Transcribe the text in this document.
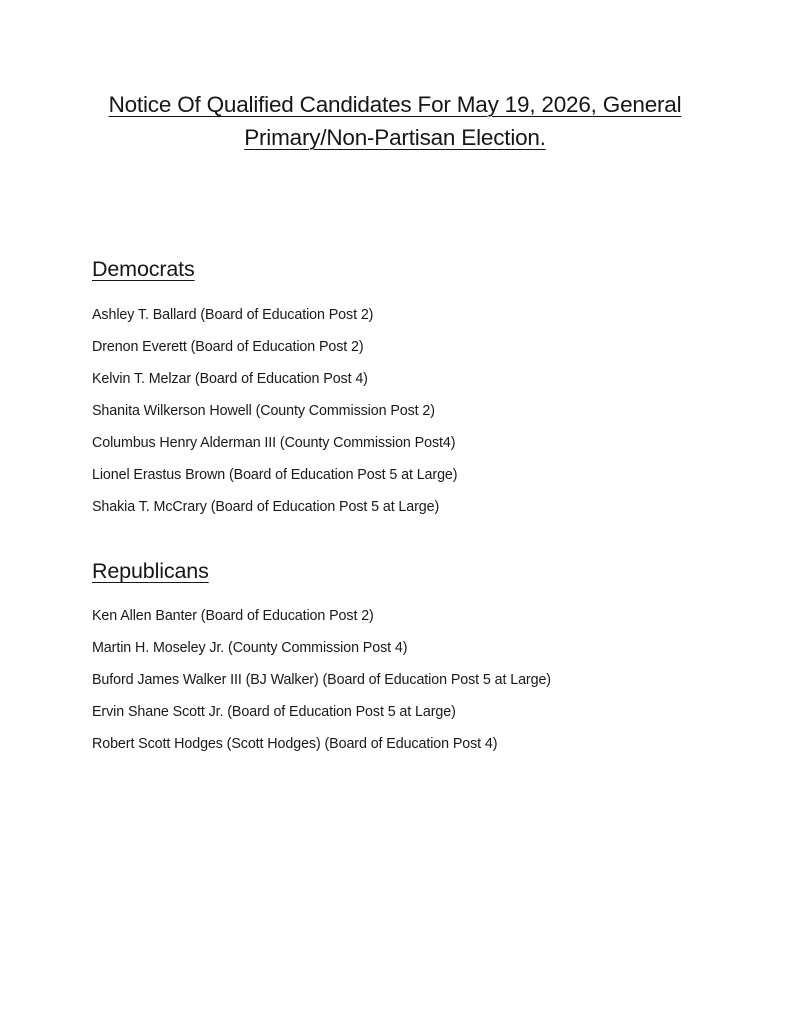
Notice Of Qualified Candidates For May 19, 2026, General
Primary/Non-Partisan Election.
Democrats
Ashley T. Ballard (Board of Education Post 2)
Drenon Everett (Board of Education Post 2)
Kelvin T. Melzar (Board of Education Post 4)
Shanita Wilkerson Howell (County Commission Post 2)
Columbus Henry Alderman III (County Commission Post4)
Lionel Erastus Brown (Board of Education Post 5 at Large)
Shakia T. McCrary (Board of Education Post 5 at Large)
Republicans
Ken Allen Banter (Board of Education Post 2)
Martin H. Moseley Jr. (County Commission Post 4)
Buford James Walker III (BJ Walker) (Board of Education Post 5 at Large)
Ervin Shane Scott Jr. (Board of Education Post 5 at Large)
Robert Scott Hodges (Scott Hodges) (Board of Education Post 4)
